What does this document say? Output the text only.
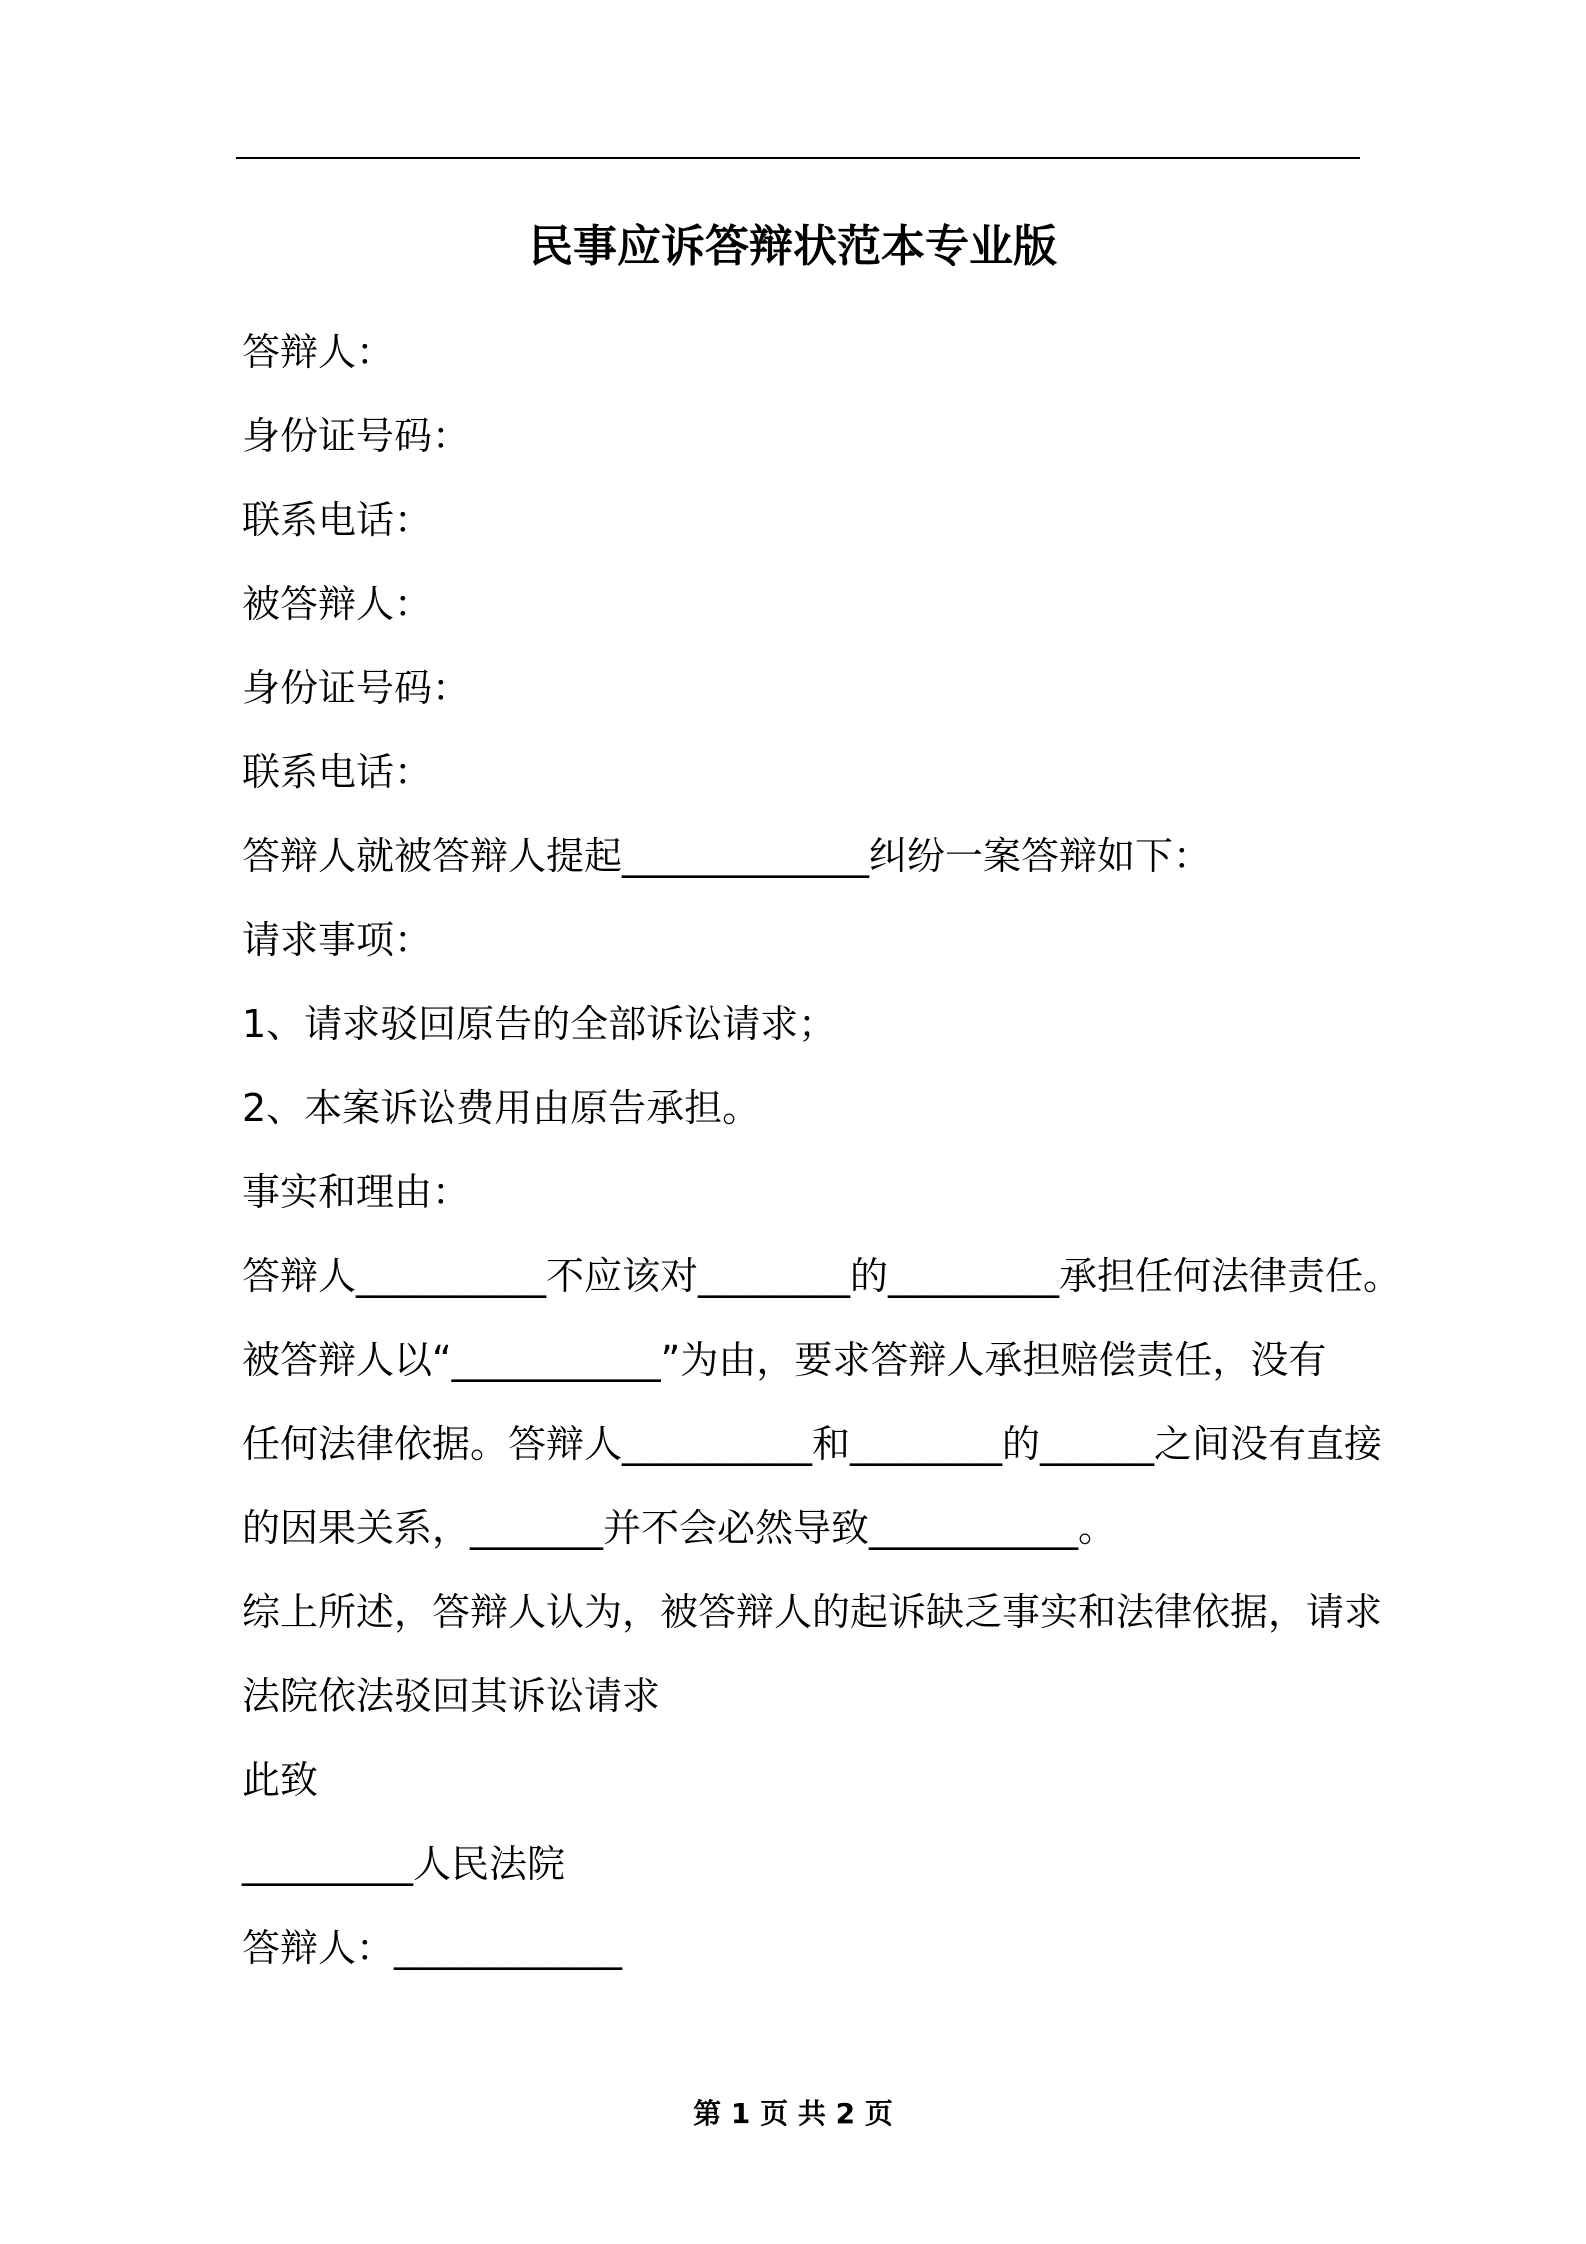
民事应诉答辩状范本专业版
答辩人：
身份证号码：
联系电话：
被答辩人：
身份证号码：
联系电话：
答辩人就被答辩人提起_____________纠纷一案答辩如下：
请求事项：
1、请求驳回原告的全部诉讼请求；
2、本案诉讼费用由原告承担。
事实和理由：
答辩人__________不应该对________的_________承担任何法律责任。
被答辩人以“___________”为由，要求答辩人承担赔偿责任，没有
任何法律依据。答辩人__________和________的______之间没有直接
的因果关系，_______并不会必然导致___________。
综上所述，答辩人认为，被答辩人的起诉缺乏事实和法律依据，请求
法院依法驳回其诉讼请求
此致
_________人民法院
答辩人：____________
第 1 页 共 2 页
